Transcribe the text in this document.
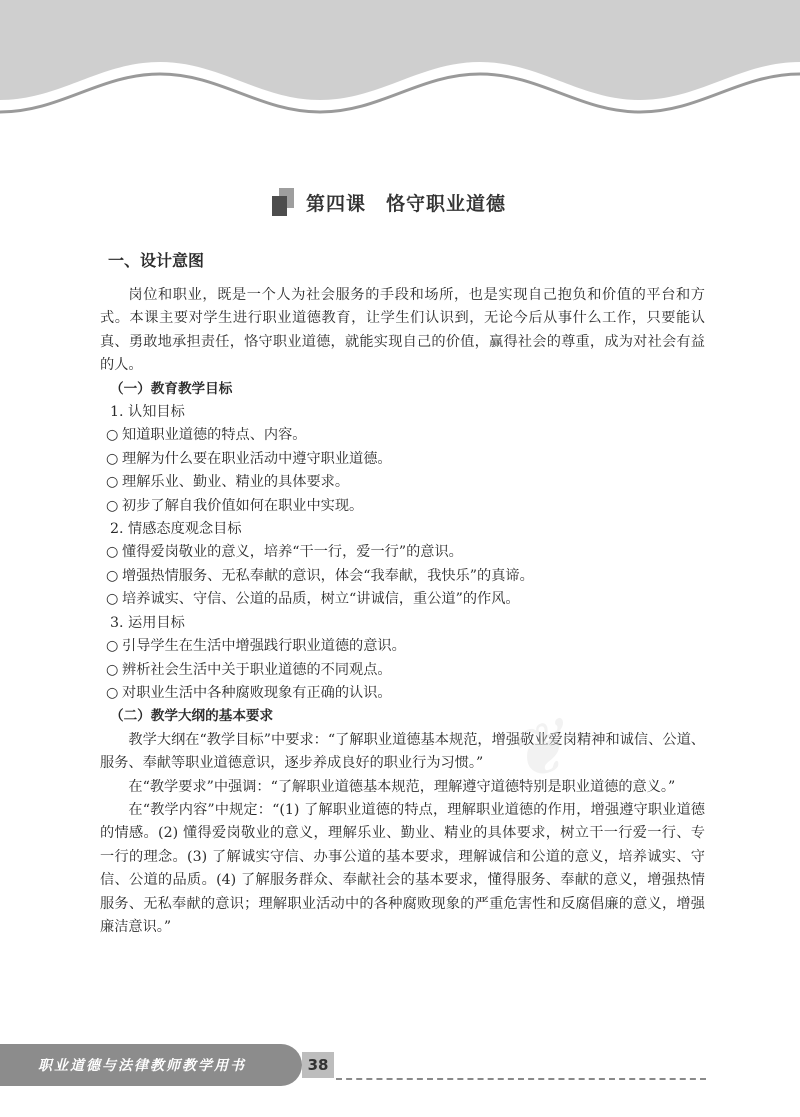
第四课　恪守职业道德

一、设计意图

岗位和职业，既是一个人为社会服务的手段和场所，也是实现自己抱负和价值的平台和方式。本课主要对学生进行职业道德教育，让学生们认识到，无论今后从事什么工作，只要能认真、勇敢地承担责任，恪守职业道德，就能实现自己的价值，赢得社会的尊重，成为对社会有益的人。

（一）教育教学目标

1. 认知目标

○ 知道职业道德的特点、内容。

○ 理解为什么要在职业活动中遵守职业道德。

○ 理解乐业、勤业、精业的具体要求。

○ 初步了解自我价值如何在职业中实现。

2. 情感态度观念目标

○ 懂得爱岗敬业的意义，培养“干一行，爱一行”的意识。

○ 增强热情服务、无私奉献的意识，体会“我奉献，我快乐”的真谛。

○ 培养诚实、守信、公道的品质，树立“讲诚信，重公道”的作风。

3. 运用目标

○ 引导学生在生活中增强践行职业道德的意识。

○ 辨析社会生活中关于职业道德的不同观点。

○ 对职业生活中各种腐败现象有正确的认识。

（二）教学大纲的基本要求

教学大纲在“教学目标”中要求：“了解职业道德基本规范，增强敬业爱岗精神和诚信、公道、服务、奉献等职业道德意识，逐步养成良好的职业行为习惯。”

在“教学要求”中强调：“了解职业道德基本规范，理解遵守道德特别是职业道德的意义。”

在“教学内容”中规定：“(1) 了解职业道德的特点，理解职业道德的作用，增强遵守职业道德的情感。(2) 懂得爱岗敬业的意义，理解乐业、勤业、精业的具体要求，树立干一行爱一行、专一行的理念。(3) 了解诚实守信、办事公道的基本要求，理解诚信和公道的意义，培养诚实、守信、公道的品质。(4) 了解服务群众、奉献社会的基本要求，懂得服务、奉献的意义，增强热情服务、无私奉献的意识；理解职业活动中的各种腐败现象的严重危害性和反腐倡廉的意义，增强廉洁意识。”

❦
职业道德与法律教师教学用书	38
